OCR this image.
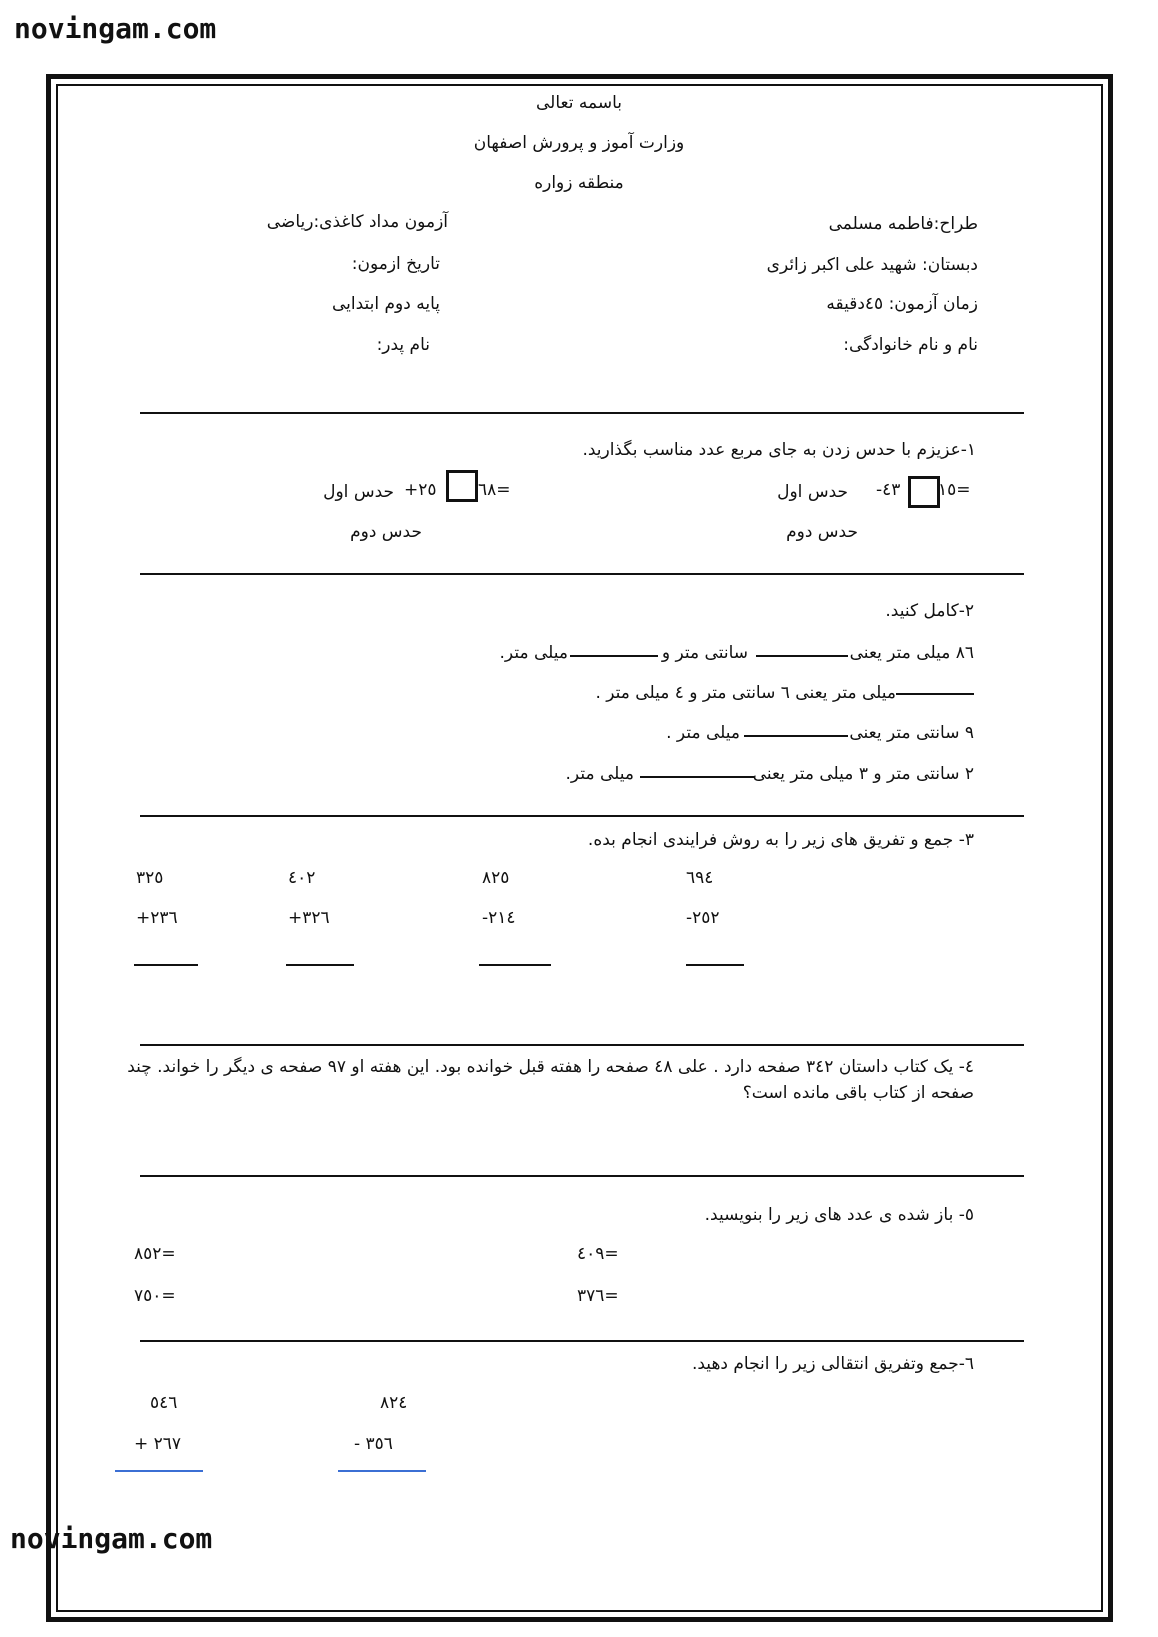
novingam.com
novingam.com
باسمه تعالی
وزارت آموز و پرورش اصفهان
منطقه زواره
طراح:فاطمه مسلمی
آزمون مداد کاغذی:ریاضی
دبستان: شهید علی اکبر زائری
تاریخ ازمون:
زمان آزمون: ٤٥دقیقه
پایه دوم ابتدایی
نام و نام خانوادگی:
نام پدر:
١-عزیزم با حدس زدن به جای مربع عدد مناسب بگذارید.
١٥=
-٤٣
حدس اول
حدس دوم
٦٨=
+٢٥
حدس اول
حدس دوم
٢-کامل کنید.
٨٦ میلی متر یعنی
سانتی متر و
میلی متر.
میلی متر یعنی ٦ سانتی متر و ٤ میلی متر .
٩ سانتی متر یعنی
میلی متر .
٢ سانتی متر و ٣ میلی متر یعنی
میلی متر.
٣- جمع و تفریق های زیر را به روش فرایندی انجام بده.
٦٩٤
-٢٥٢
٨٢٥
-٢١٤
٤٠٢
+٣٢٦
٣٢٥
+٢٣٦
٤- یک کتاب داستان ٣٤٢ صفحه دارد . علی ٤٨ صفحه را هفته قبل خوانده بود. این هفته او ٩٧ صفحه ی دیگر را خواند. چند
صفحه از کتاب باقی مانده است؟
٥- باز شده ی عدد های زیر را بنویسید.
٤٠٩=
٨٥٢=
٣٧٦=
٧٥٠=
٦-جمع وتفریق انتقالی زیر را انجام دهید.
٨٢٤
- ٣٥٦
٥٤٦
+ ٢٦٧
